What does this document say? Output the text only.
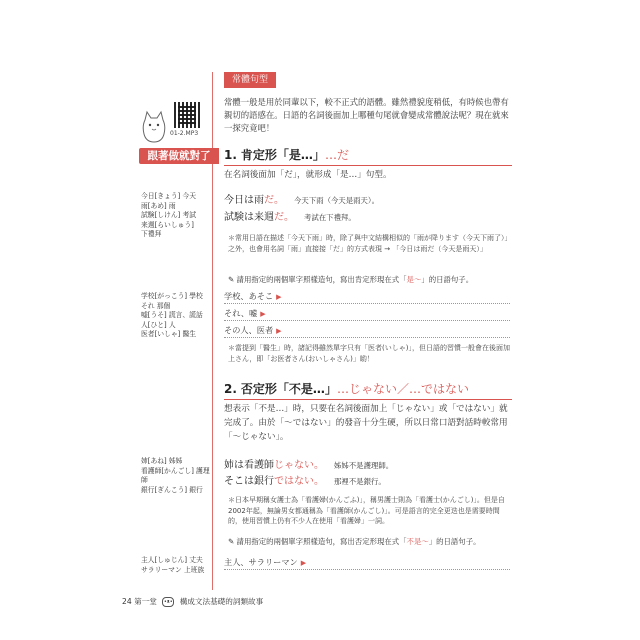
常體句型
常體一般是用於同輩以下，較不正式的語體。雖然禮貌度稍低，有時候也帶有親切的語感在。日語的名詞後面加上哪種句尾就會變成常體說法呢？現在就來一探究竟吧！
01-2.MP3
跟著做就對了	1. 肯定形「是…」…だ
在名詞後面加「だ」，就形成「是…」句型。
今日は雨だ。 今天下雨（今天是雨天）。
試験は来週だ。 考試在下禮拜。
＊常用日語在描述「今天下雨」時，除了與中文結構相似的「雨が降ります（今天下雨了）」之外，也會用名詞「雨」直接接「だ」的方式表現 → 「今日は雨だ（今天是雨天）」
✎ 請用指定的兩個單字照樣造句，寫出肯定形現在式「是～」的日語句子。
学校、あそこ ▶
それ、嘘 ▶
その人、医者 ▶
＊當提到「醫生」時，諸記得雖然單字只有「医者(いしゃ)」，但日語的習慣一般會在後面加上さん，即「お医者さん(おいしゃさん)」喲！
2. 否定形「不是…」…じゃない／…ではない
想表示「不是…」時，只要在名詞後面加上「じゃない」或「ではない」就完成了。由於「～ではない」的發音十分生硬，所以日常口語對話時較常用「～じゃない」。
姉は看護師じゃない。 姊姊不是護理師。
そこは銀行ではない。 那裡不是銀行。
＊日本早期稱女護士為「看護婦(かんごふ)」，稱男護士則為「看護士(かんごし)」。但是自2002年起，無論男女都通稱為「看護師(かんごし)」。可是語言的完全更迭也是需要時間的，使用習慣上仍有不少人在使用「看護婦」一詞。
✎ 請用指定的兩個單字照樣造句，寫出否定形現在式「不是～」的日語句子。
主人、サラリーマン ▶
今日[きょう] 今天
雨[あめ] 雨
試験[しけん] 考試
来週[らいしゅう]
下禮拜
学校[がっこう] 學校
それ 那個
嘘[うそ] 謊言、謊話
人[ひと] 人
医者[いしゃ] 醫生
姉[あね] 姊姊
看護師[かんごし] 護理師
銀行[ぎんこう] 銀行
主人[しゅじん] 丈夫
サラリーマン 上班族
24 第一堂 •ᴥ• 構成文法基礎的詞類故事
